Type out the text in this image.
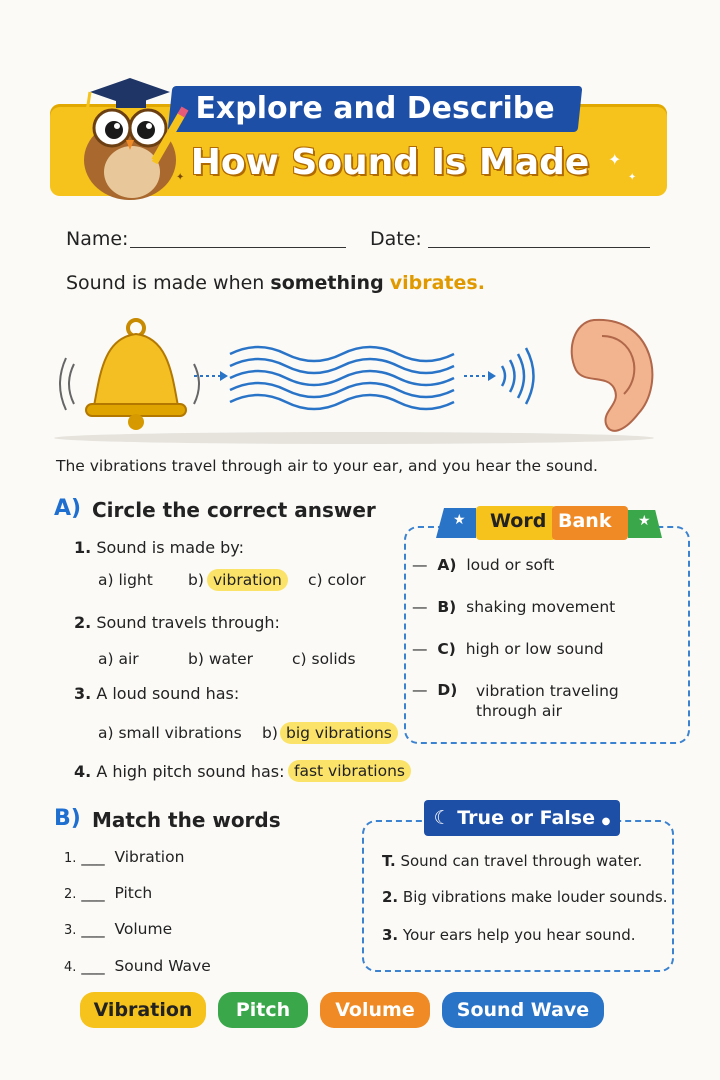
Explore and Describe
How Sound Is Made ✦
✦
✦
Name:	Date:
Sound is made when something vibrates.
The vibrations travel through air to your ear, and you hear the sound.
A) Circle the correct answer
1. Sound is made by:
a) light b) vibration	c) color
2. Sound travels through:
a) air	b) water	c) solids
3. A loud sound has:
a) small vibrations b) big vibrations
4. A high pitch sound has: fast vibrations
★ Word Bank ★
— A) loud or soft
— B) shaking movement
— C) high or low sound
— D) vibration traveling through air
B) Match the words
1. ___ Vibration
2. ___ Pitch
3. ___ Volume
4. ___ Sound Wave
☾ True or False ●
T. Sound can travel through water.
2. Big vibrations make louder sounds.
3. Your ears help you hear sound.
Vibration	Pitch	Volume	Sound Wave
